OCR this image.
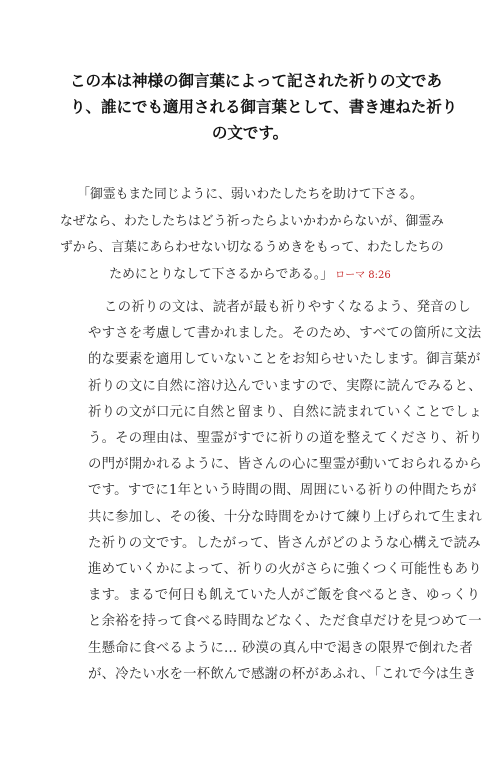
この本は神様の御言葉によって記された祈りの文であ
り、誰にでも適用される御言葉として、書き連ねた祈り
の文です。
「御霊もまた同じように、弱いわたしたちを助けて下さる。
なぜなら、わたしたちはどう祈ったらよいかわからないが、御霊み
ずから、言葉にあらわせない切なるうめきをもって、わたしたちの
ためにとりなして下さるからである。」 ローマ 8:26
この祈りの文は、読者が最も祈りやすくなるよう、発音のし
やすさを考慮して書かれました。そのため、すべての箇所に文法
的な要素を適用していないことをお知らせいたします。御言葉が
祈りの文に自然に溶け込んでいますので、実際に読んでみると、
祈りの文が口元に自然と留まり、自然に読まれていくことでしょ
う。その理由は、聖霊がすでに祈りの道を整えてくださり、祈り
の門が開かれるように、皆さんの心に聖霊が動いておられるから
です。すでに1年という時間の間、周囲にいる祈りの仲間たちが
共に参加し、その後、十分な時間をかけて練り上げられて生まれ
た祈りの文です。したがって、皆さんがどのような心構えで読み
進めていくかによって、祈りの火がさらに強くつく可能性もあり
ます。まるで何日も飢えていた人がご飯を食べるとき、ゆっくり
と余裕を持って食べる時間などなく、ただ食卓だけを見つめて一
生懸命に食べるように… 砂漠の真ん中で渇きの限界で倒れた者
が、冷たい水を一杯飲んで感謝の杯があふれ、「これで今は生き
